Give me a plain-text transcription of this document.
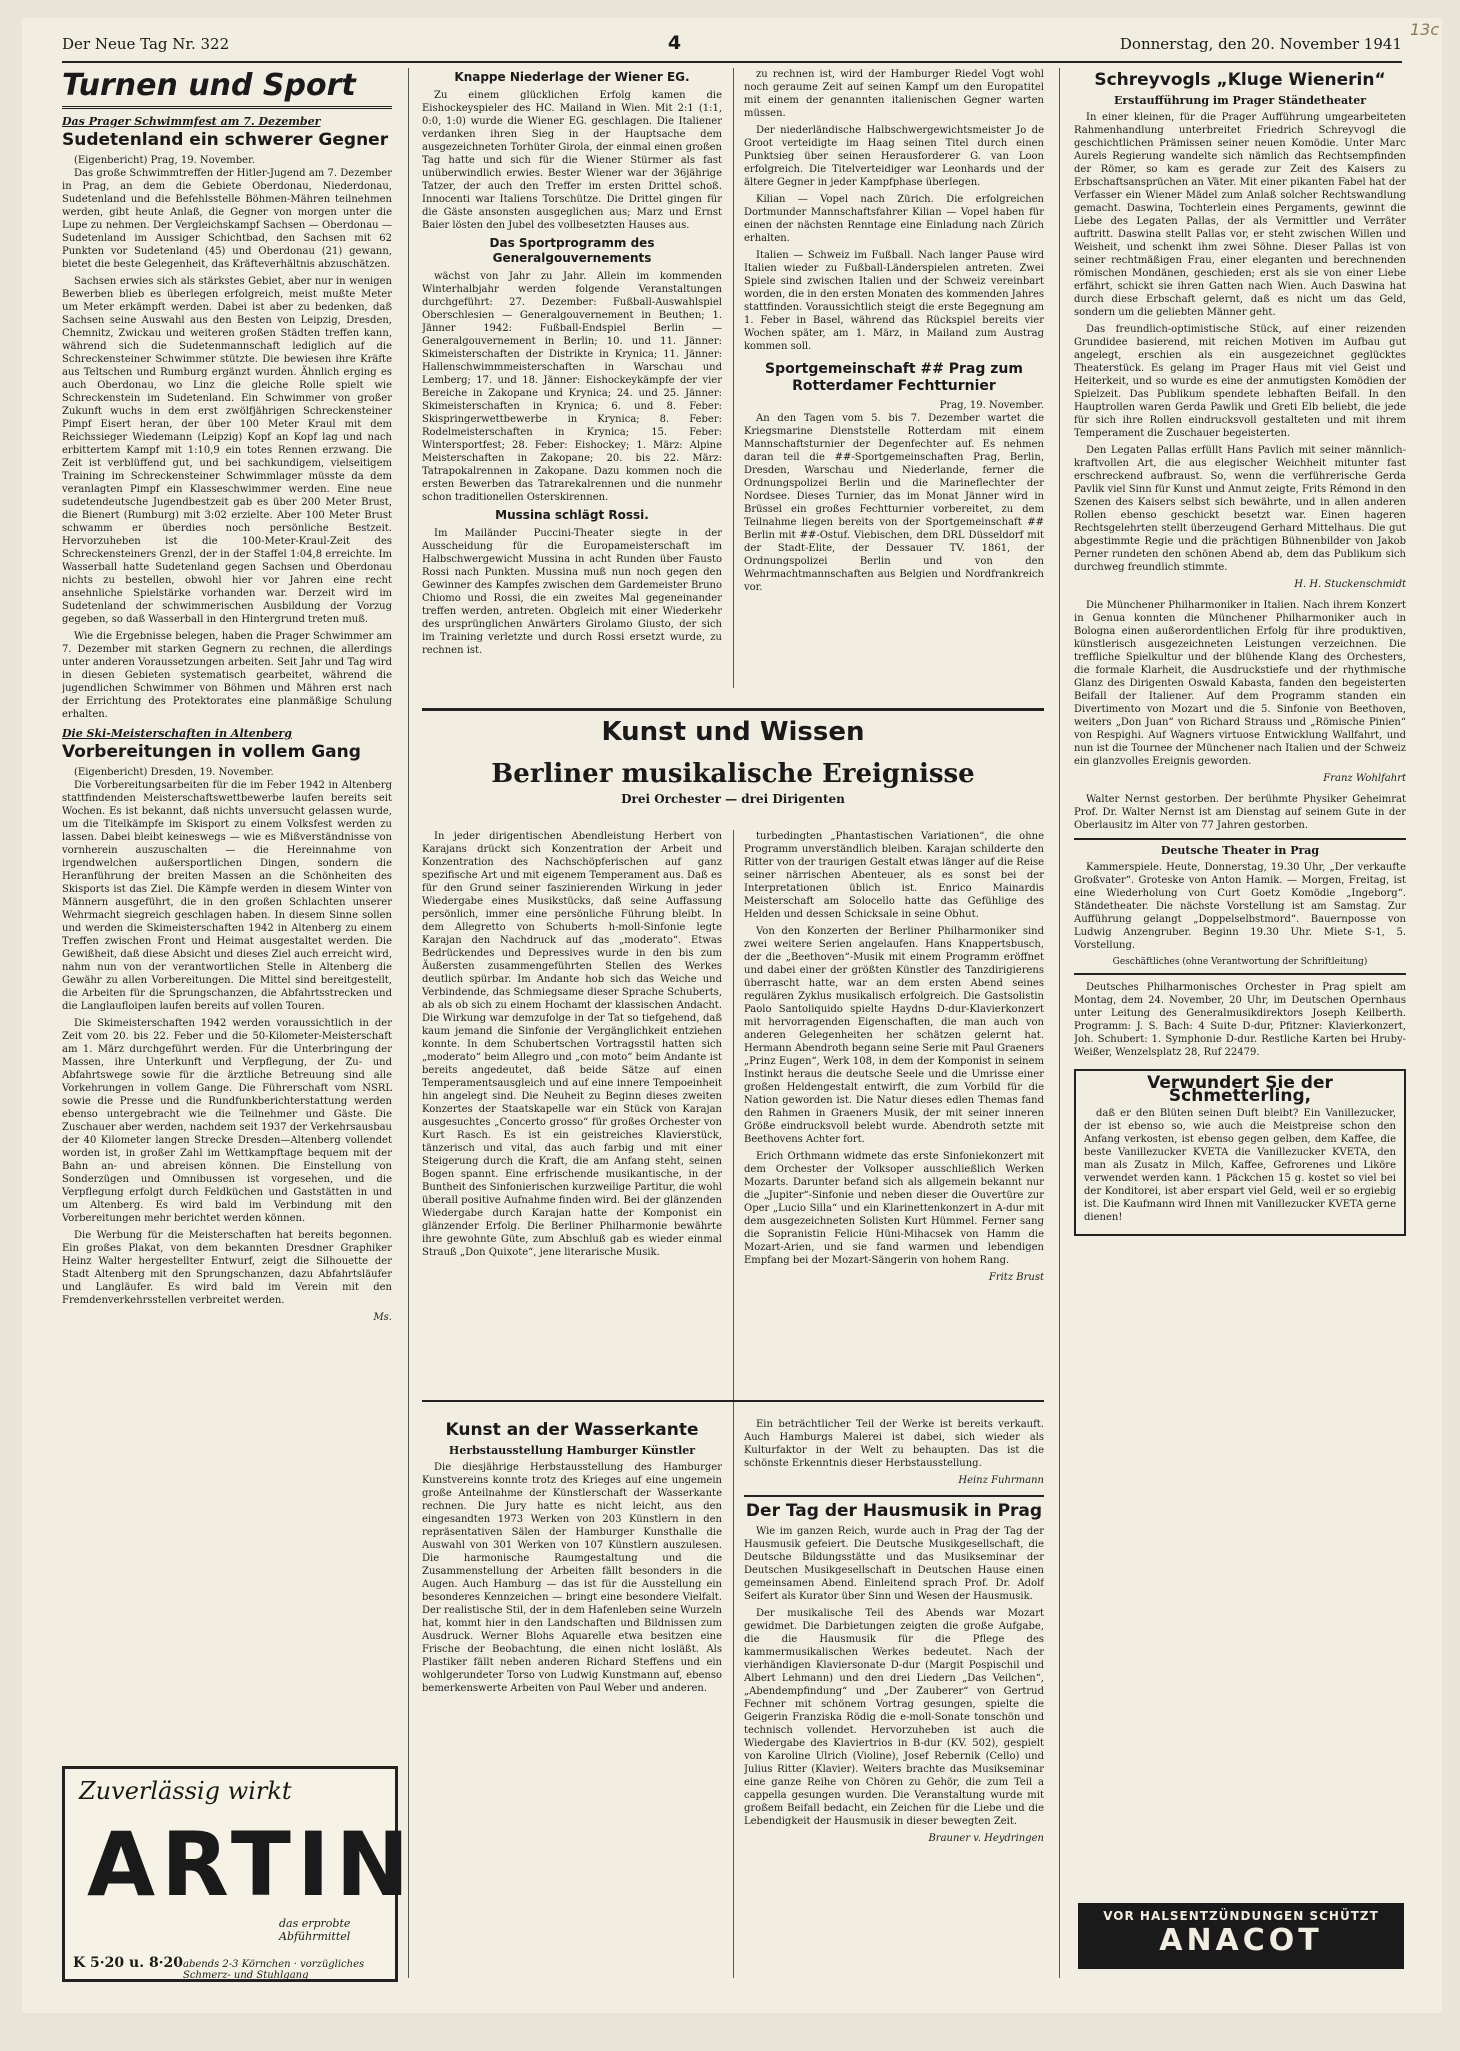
Der Neue Tag Nr. 322	4	Donnerstag, den 20. November 1941
13c
Turnen und Sport
Das Prager Schwimmfest am 7. Dezember
Sudetenland ein schwerer Gegner

(Eigenbericht) Prag, 19. November.

Das große Schwimmtreffen der Hitler-Jugend am 7. Dezember in Prag, an dem die Gebiete Oberdonau, Niederdonau, Sudetenland und die Befehlsstelle Böhmen-Mähren teilnehmen werden, gibt heute Anlaß, die Gegner von morgen unter die Lupe zu nehmen. Der Vergleichskampf Sachsen — Oberdonau — Sudetenland im Aussiger Schichtbad, den Sachsen mit 62 Punkten vor Sudetenland (45) und Oberdonau (21) gewann, bietet die beste Gelegenheit, das Kräfteverhältnis abzuschätzen.

Sachsen erwies sich als stärkstes Gebiet, aber nur in wenigen Bewerben blieb es überlegen erfolgreich, meist mußte Meter um Meter erkämpft werden. Dabei ist aber zu bedenken, daß Sachsen seine Auswahl aus den Besten von Leipzig, Dresden, Chemnitz, Zwickau und weiteren großen Städten treffen kann, während sich die Sudetenmannschaft lediglich auf die Schreckensteiner Schwimmer stützte. Die bewiesen ihre Kräfte aus Teltschen und Rumburg ergänzt wurden. Ähnlich erging es auch Oberdonau, wo Linz die gleiche Rolle spielt wie Schreckenstein im Sudetenland. Ein Schwimmer von großer Zukunft wuchs in dem erst zwölfjährigen Schreckensteiner Pimpf Eisert heran, der über 100 Meter Kraul mit dem Reichssieger Wiedemann (Leipzig) Kopf an Kopf lag und nach erbittertem Kampf mit 1:10,9 ein totes Rennen erzwang. Die Zeit ist verblüffend gut, und bei sachkundigem, vielseitigem Training im Schreckensteiner Schwimmlager müsste da dem veranlagten Pimpf ein Klasseschwimmer werden. Eine neue sudetendeutsche Jugendbestzeit gab es über 200 Meter Brust, die Bienert (Rumburg) mit 3:02 erzielte. Aber 100 Meter Brust schwamm er überdies noch persönliche Bestzeit. Hervorzuheben ist die 100-Meter-Kraul-Zeit des Schreckensteiners Grenzl, der in der Staffel 1:04,8 erreichte. Im Wasserball hatte Sudetenland gegen Sachsen und Oberdonau nichts zu bestellen, obwohl hier vor Jahren eine recht ansehnliche Spielstärke vorhanden war. Derzeit wird im Sudetenland der schwimmerischen Ausbildung der Vorzug gegeben, so daß Wasserball in den Hintergrund treten muß.

Wie die Ergebnisse belegen, haben die Prager Schwimmer am 7. Dezember mit starken Gegnern zu rechnen, die allerdings unter anderen Voraussetzungen arbeiten. Seit Jahr und Tag wird in diesen Gebieten systematisch gearbeitet, während die jugendlichen Schwimmer von Böhmen und Mähren erst nach der Errichtung des Protektorates eine planmäßige Schulung erhalten.

Die Ski-Meisterschaften in Altenberg
Vorbereitungen in vollem Gang

(Eigenbericht) Dresden, 19. November.

Die Vorbereitungsarbeiten für die im Feber 1942 in Altenberg stattfindenden Meisterschaftswettbewerbe laufen bereits seit Wochen. Es ist bekannt, daß nichts unversucht gelassen wurde, um die Titelkämpfe im Skisport zu einem Volksfest werden zu lassen. Dabei bleibt keineswegs — wie es Mißverständnisse von vornherein auszuschalten — die Hereinnahme von irgendwelchen außersportlichen Dingen, sondern die Heranführung der breiten Massen an die Schönheiten des Skisports ist das Ziel. Die Kämpfe werden in diesem Winter von Männern ausgeführt, die in den großen Schlachten unserer Wehrmacht siegreich geschlagen haben. In diesem Sinne sollen und werden die Skimeisterschaften 1942 in Altenberg zu einem Treffen zwischen Front und Heimat ausgestaltet werden. Die Gewißheit, daß diese Absicht und dieses Ziel auch erreicht wird, nahm nun von der verantwortlichen Stelle in Altenberg die Gewähr zu allen Vorbereitungen. Die Mittel sind bereitgestellt, die Arbeiten für die Sprungschanzen, die Abfahrtsstrecken und die Langlaufloipen laufen bereits auf vollen Touren.

Die Skimeisterschaften 1942 werden voraussichtlich in der Zeit vom 20. bis 22. Feber und die 50-Kilometer-Meisterschaft am 1. März durchgeführt werden. Für die Unterbringung der Massen, ihre Unterkunft und Verpflegung, der Zu- und Abfahrtswege sowie für die ärztliche Betreuung sind alle Vorkehrungen in vollem Gange. Die Führerschaft vom NSRL sowie die Presse und die Rundfunkberichterstattung werden ebenso untergebracht wie die Teilnehmer und Gäste. Die Zuschauer aber werden, nachdem seit 1937 der Verkehrsausbau der 40 Kilometer langen Strecke Dresden—Altenberg vollendet worden ist, in großer Zahl im Wettkampftage bequem mit der Bahn an- und abreisen können. Die Einstellung von Sonderzügen und Omnibussen ist vorgesehen, und die Verpflegung erfolgt durch Feldküchen und Gaststätten in und um Altenberg. Es wird bald im Verbindung mit den Vorbereitungen mehr berichtet werden können.

Die Werbung für die Meisterschaften hat bereits begonnen. Ein großes Plakat, von dem bekannten Dresdner Graphiker Heinz Walter hergestellter Entwurf, zeigt die Silhouette der Stadt Altenberg mit den Sprungschanzen, dazu Abfahrtsläufer und Langläufer. Es wird bald im Verein mit den Fremdenverkehrsstellen verbreitet werden.

Ms.
Knappe Niederlage der Wiener EG.

Zu einem glücklichen Erfolg kamen die Eishockeyspieler des HC. Mailand in Wien. Mit 2:1 (1:1, 0:0, 1:0) wurde die Wiener EG. geschlagen. Die Italiener verdanken ihren Sieg in der Hauptsache dem ausgezeichneten Torhüter Girola, der einmal einen großen Tag hatte und sich für die Wiener Stürmer als fast unüberwindlich erwies. Bester Wiener war der 36jährige Tatzer, der auch den Treffer im ersten Drittel schoß. Innocenti war Italiens Torschütze. Die Drittel gingen für die Gäste ansonsten ausgeglichen aus; Marz und Ernst Baier lösten den Jubel des vollbesetzten Hauses aus.

Das Sportprogramm des Generalgouvernements

wächst von Jahr zu Jahr. Allein im kommenden Winterhalbjahr werden folgende Veranstaltungen durchgeführt: 27. Dezember: Fußball-Auswahlspiel Oberschlesien — Generalgouvernement in Beuthen; 1. Jänner 1942: Fußball-Endspiel Berlin — Generalgouvernement in Berlin; 10. und 11. Jänner: Skimeisterschaften der Distrikte in Krynica; 11. Jänner: Hallenschwimmmeisterschaften in Warschau und Lemberg; 17. und 18. Jänner: Eishockeykämpfe der vier Bereiche in Zakopane und Krynica; 24. und 25. Jänner: Skimeisterschaften in Krynica; 6. und 8. Feber: Skispringerwettbewerbe in Krynica; 8. Feber: Rodelmeisterschaften in Krynica; 15. Feber: Wintersportfest; 28. Feber: Eishockey; 1. März: Alpine Meisterschaften in Zakopane; 20. bis 22. März: Tatrapokalrennen in Zakopane. Dazu kommen noch die ersten Bewerben das Tatrarekalrennen und die nunmehr schon traditionellen Osterskirennen.

Mussina schlägt Rossi.

Im Mailänder Puccini-Theater siegte in der Ausscheidung für die Europameisterschaft im Halbschwergewicht Mussina in acht Runden über Fausto Rossi nach Punkten. Mussina muß nun noch gegen den Gewinner des Kampfes zwischen dem Gardemeister Bruno Chiomo und Rossi, die ein zweites Mal gegeneinander treffen werden, antreten. Obgleich mit einer Wiederkehr des ursprünglichen Anwärters Girolamo Giusto, der sich im Training verletzte und durch Rossi ersetzt wurde, zu rechnen ist.

zu rechnen ist, wird der Hamburger Riedel Vogt wohl noch geraume Zeit auf seinen Kampf um den Europatitel mit einem der genannten italienischen Gegner warten müssen.

Der niederländische Halbschwergewichtsmeister Jo de Groot verteidigte im Haag seinen Titel durch einen Punktsieg über seinen Herausforderer G. van Loon erfolgreich. Die Titelverteidiger war Leonhards und der ältere Gegner in jeder Kampfphase überlegen.

Kilian — Vopel nach Zürich. Die erfolgreichen Dortmunder Mannschaftsfahrer Kilian — Vopel haben für einen der nächsten Renntage eine Einladung nach Zürich erhalten.

Italien — Schweiz im Fußball. Nach langer Pause wird Italien wieder zu Fußball-Länderspielen antreten. Zwei Spiele sind zwischen Italien und der Schweiz vereinbart worden, die in den ersten Monaten des kommenden Jahres stattfinden. Voraussichtlich steigt die erste Begegnung am 1. Feber in Basel, während das Rückspiel bereits vier Wochen später, am 1. März, in Mailand zum Austrag kommen soll.

Sportgemeinschaft ## Prag zum Rotterdamer Fechtturnier

Prag, 19. November.

An den Tagen vom 5. bis 7. Dezember wartet die Kriegsmarine Dienststelle Rotterdam mit einem Mannschaftsturnier der Degenfechter auf. Es nehmen daran teil die ##-Sportgemeinschaften Prag, Berlin, Dresden, Warschau und Niederlande, ferner die Ordnungspolizei Berlin und die Marineflechter der Nordsee. Dieses Turnier, das im Monat Jänner wird in Brüssel ein großes Fechtturnier vorbereitet, zu dem Teilnahme liegen bereits von der Sportgemeinschaft ## Berlin mit ##-Ostuf. Viebischen, dem DRL Düsseldorf mit der Stadt-Elite, der Dessauer TV. 1861, der Ordnungspolizei Berlin und von den Wehrmachtmannschaften aus Belgien und Nordfrankreich vor.

Kunst und Wissen
Berliner musikalische Ereignisse
Drei Orchester — drei Dirigenten

In jeder dirigentischen Abendleistung Herbert von Karajans drückt sich Konzentration der Arbeit und Konzentration des Nachschöpferischen auf ganz spezifische Art und mit eigenem Temperament aus. Daß es für den Grund seiner faszinierenden Wirkung in jeder Wiedergabe eines Musikstücks, daß seine Auffassung persönlich, immer eine persönliche Führung bleibt. In dem Allegretto von Schuberts h-moll-Sinfonie legte Karajan den Nachdruck auf das „moderato“. Etwas Bedrückendes und Depressives wurde in den bis zum Äußersten zusammengeführten Stellen des Werkes deutlich spürbar. Im Andante hob sich das Weiche und Verbindende, das Schmiegsame dieser Sprache Schuberts, ab als ob sich zu einem Hochamt der klassischen Andacht. Die Wirkung war demzufolge in der Tat so tiefgehend, daß kaum jemand die Sinfonie der Vergänglichkeit entziehen konnte. In dem Schubertschen Vortragsstil hatten sich „moderato“ beim Allegro und „con moto“ beim Andante ist bereits angedeutet, daß beide Sätze auf einen Temperamentsausgleich und auf eine innere Tempoeinheit hin angelegt sind. Die Neuheit zu Beginn dieses zweiten Konzertes der Staatskapelle war ein Stück von Karajan ausgesuchtes „Concerto grosso“ für großes Orchester von Kurt Rasch. Es ist ein geistreiches Klavierstück, tänzerisch und vital, das auch farbig und mit einer Steigerung durch die Kraft, die am Anfang steht, seinen Bogen spannt. Eine erfrischende musikantische, in der Buntheit des Sinfonierischen kurzweilige Partitur, die wohl überall positive Aufnahme finden wird. Bei der glänzenden Wiedergabe durch Karajan hatte der Komponist ein glänzender Erfolg. Die Berliner Philharmonie bewährte ihre gewohnte Güte, zum Abschluß gab es wieder einmal Strauß „Don Quixote“, jene literarische Musik.

turbedingten „Phantastischen Variationen“, die ohne Programm unverständlich bleiben. Karajan schilderte den Ritter von der traurigen Gestalt etwas länger auf die Reise seiner närrischen Abenteuer, als es sonst bei der Interpretationen üblich ist. Enrico Mainardis Meisterschaft am Solocello hatte das Gefühlige des Helden und dessen Schicksale in seine Obhut.

Von den Konzerten der Berliner Philharmoniker sind zwei weitere Serien angelaufen. Hans Knappertsbusch, der die „Beethoven“-Musik mit einem Programm eröffnet und dabei einer der größten Künstler des Tanzdirigierens überrascht hatte, war an dem ersten Abend seines regulären Zyklus musikalisch erfolgreich. Die Gastsolistin Paolo Santoliquido spielte Haydns D-dur-Klavierkonzert mit hervorragenden Eigenschaften, die man auch von anderen Gelegenheiten her schätzen gelernt hat. Hermann Abendroth begann seine Serie mit Paul Graeners „Prinz Eugen“, Werk 108, in dem der Komponist in seinem Instinkt heraus die deutsche Seele und die Umrisse einer großen Heldengestalt entwirft, die zum Vorbild für die Nation geworden ist. Die Natur dieses edlen Themas fand den Rahmen in Graeners Musik, der mit seiner inneren Größe eindrucksvoll belebt wurde. Abendroth setzte mit Beethovens Achter fort.

Erich Orthmann widmete das erste Sinfoniekonzert mit dem Orchester der Volksoper ausschließlich Werken Mozarts. Darunter befand sich als allgemein bekannt nur die „Jupiter“-Sinfonie und neben dieser die Ouvertüre zur Oper „Lucio Silla“ und ein Klarinettenkonzert in A-dur mit dem ausgezeichneten Solisten Kurt Hümmel. Ferner sang die Sopranistin Felicie Hüni-Mihacsek von Hamm die Mozart-Arien, und sie fand warmen und lebendigen Empfang bei der Mozart-Sängerin von hohem Rang.

Fritz Brust
Kunst an der Wasserkante
Herbstausstellung Hamburger Künstler

Die diesjährige Herbstausstellung des Hamburger Kunstvereins konnte trotz des Krieges auf eine ungemein große Anteilnahme der Künstlerschaft der Wasserkante rechnen. Die Jury hatte es nicht leicht, aus den eingesandten 1973 Werken von 203 Künstlern in den repräsentativen Sälen der Hamburger Kunsthalle die Auswahl von 301 Werken von 107 Künstlern auszulesen. Die harmonische Raumgestaltung und die Zusammenstellung der Arbeiten fällt besonders in die Augen. Auch Hamburg — das ist für die Ausstellung ein besonderes Kennzeichen — bringt eine besondere Vielfalt. Der realistische Stil, der in dem Hafenleben seine Wurzeln hat, kommt hier in den Landschaften und Bildnissen zum Ausdruck. Werner Blohs Aquarelle etwa besitzen eine Frische der Beobachtung, die einen nicht losläßt. Als Plastiker fällt neben anderen Richard Steffens und ein wohlgerundeter Torso von Ludwig Kunstmann auf, ebenso bemerkenswerte Arbeiten von Paul Weber und anderen.

Ein beträchtlicher Teil der Werke ist bereits verkauft. Auch Hamburgs Malerei ist dabei, sich wieder als Kulturfaktor in der Welt zu behaupten. Das ist die schönste Erkenntnis dieser Herbstausstellung.

Heinz Fuhrmann
Der Tag der Hausmusik in Prag

Wie im ganzen Reich, wurde auch in Prag der Tag der Hausmusik gefeiert. Die Deutsche Musikgesellschaft, die Deutsche Bildungsstätte und das Musikseminar der Deutschen Musikgesellschaft in Deutschen Hause einen gemeinsamen Abend. Einleitend sprach Prof. Dr. Adolf Seifert als Kurator über Sinn und Wesen der Hausmusik.

Der musikalische Teil des Abends war Mozart gewidmet. Die Darbietungen zeigten die große Aufgabe, die die Hausmusik für die Pflege des kammermusikalischen Werkes bedeutet. Nach der vierhändigen Klaviersonate D-dur (Margit Pospischil und Albert Lehmann) und den drei Liedern „Das Veilchen“, „Abendempfindung“ und „Der Zauberer“ von Gertrud Fechner mit schönem Vortrag gesungen, spielte die Geigerin Franziska Rödig die e-moll-Sonate tonschön und technisch vollendet. Hervorzuheben ist auch die Wiedergabe des Klaviertrios in B-dur (KV. 502), gespielt von Karoline Ulrich (Violine), Josef Rebernik (Cello) und Julius Ritter (Klavier). Weiters brachte das Musikseminar eine ganze Reihe von Chören zu Gehör, die zum Teil a cappella gesungen wurden. Die Veranstaltung wurde mit großem Beifall bedacht, ein Zeichen für die Liebe und die Lebendigkeit der Hausmusik in dieser bewegten Zeit.

Brauner v. Heydringen
Schreyvogls „Kluge Wienerin“
Erstaufführung im Prager Ständetheater

In einer kleinen, für die Prager Aufführung umgearbeiteten Rahmenhandlung unterbreitet Friedrich Schreyvogl die geschichtlichen Prämissen seiner neuen Komödie. Unter Marc Aurels Regierung wandelte sich nämlich das Rechtsempfinden der Römer, so kam es gerade zur Zeit des Kaisers zu Erbschaftsansprüchen an Väter. Mit einer pikanten Fabel hat der Verfasser ein Wiener Mädel zum Anlaß solcher Rechtswandlung gemacht. Daswina, Tochterlein eines Pergaments, gewinnt die Liebe des Legaten Pallas, der als Vermittler und Verräter auftritt. Daswina stellt Pallas vor, er steht zwischen Willen und Weisheit, und schenkt ihm zwei Söhne. Dieser Pallas ist von seiner rechtmäßigen Frau, einer eleganten und berechnenden römischen Mondänen, geschieden; erst als sie von einer Liebe erfährt, schickt sie ihren Gatten nach Wien. Auch Daswina hat durch diese Erbschaft gelernt, daß es nicht um das Geld, sondern um die geliebten Männer geht.

Das freundlich-optimistische Stück, auf einer reizenden Grundidee basierend, mit reichen Motiven im Aufbau gut angelegt, erschien als ein ausgezeichnet geglücktes Theaterstück. Es gelang im Prager Haus mit viel Geist und Heiterkeit, und so wurde es eine der anmutigsten Komödien der Spielzeit. Das Publikum spendete lebhaften Beifall. In den Hauptrollen waren Gerda Pawlik und Greti Elb beliebt, die jede für sich ihre Rollen eindrucksvoll gestalteten und mit ihrem Temperament die Zuschauer begeisterten.

Den Legaten Pallas erfüllt Hans Pavlich mit seiner männlich-kraftvollen Art, die aus elegischer Weichheit mitunter fast erschreckend aufbraust. So, wenn die verführerische Gerda Pavlik viel Sinn für Kunst und Anmut zeigte, Frits Rémond in den Szenen des Kaisers selbst sich bewährte, und in allen anderen Rollen ebenso geschickt besetzt war. Einen hageren Rechtsgelehrten stellt überzeugend Gerhard Mittelhaus. Die gut abgestimmte Regie und die prächtigen Bühnenbilder von Jakob Perner rundeten den schönen Abend ab, dem das Publikum sich durchweg freundlich stimmte.

H. H. Stuckenschmidt

Die Münchener Philharmoniker in Italien. Nach ihrem Konzert in Genua konnten die Münchener Philharmoniker auch in Bologna einen außerordentlichen Erfolg für ihre produktiven, künstlerisch ausgezeichneten Leistungen verzeichnen. Die treffliche Spielkultur und der blühende Klang des Orchesters, die formale Klarheit, die Ausdruckstiefe und der rhythmische Glanz des Dirigenten Oswald Kabasta, fanden den begeisterten Beifall der Italiener. Auf dem Programm standen ein Divertimento von Mozart und die 5. Sinfonie von Beethoven, weiters „Don Juan“ von Richard Strauss und „Römische Pinien“ von Respighi. Auf Wagners virtuose Entwicklung Wallfahrt, und nun ist die Tournee der Münchener nach Italien und der Schweiz ein glanzvolles Ereignis geworden.

Franz Wohlfahrt

Walter Nernst gestorben. Der berühmte Physiker Geheimrat Prof. Dr. Walter Nernst ist am Dienstag auf seinem Gute in der Oberlausitz im Alter von 77 Jahren gestorben.

Deutsche Theater in Prag

Kammerspiele. Heute, Donnerstag, 19.30 Uhr, „Der verkaufte Großvater“. Groteske von Anton Hamik. — Morgen, Freitag, ist eine Wiederholung von Curt Goetz Komödie „Ingeborg“. Ständetheater. Die nächste Vorstellung ist am Samstag. Zur Aufführung gelangt „Doppelselbstmord“. Bauernposse von Ludwig Anzengruber. Beginn 19.30 Uhr. Miete S-1, 5. Vorstellung.

Geschäftliches (ohne Verantwortung der Schriftleitung)

Deutsches Philharmonisches Orchester in Prag spielt am Montag, dem 24. November, 20 Uhr, im Deutschen Opernhaus unter Leitung des Generalmusikdirektors Joseph Keilberth. Programm: J. S. Bach: 4 Suite D-dur, Pfitzner: Klavierkonzert, Joh. Schubert: 1. Symphonie D-dur. Restliche Karten bei Hruby-Weißer, Wenzelsplatz 28, Ruf 22479.

Verwundert Sie der Schmetterling,

daß er den Blüten seinen Duft bleibt? Ein Vanillezucker, der ist ebenso so, wie auch die Meistpreise schon den Anfang verkosten, ist ebenso gegen gelben, dem Kaffee, die beste Vanillezucker KVETA die Vanillezucker KVETA, den man als Zusatz in Milch, Kaffee, Gefrorenes und Liköre verwendet werden kann. 1 Päckchen 15 g. kostet so viel bei der Konditorei, ist aber erspart viel Geld, weil er so ergiebig ist. Die Kaufmann wird Ihnen mit Vanillezucker KVETA gerne dienen!

Zuverlässig wirkt
ARTIN
das erprobte Abführmittel
K 5·20 u. 8·20 abends 2-3 Körnchen · vorzügliches Schmerz- und Stuhlgang
VOR HALSENTZÜNDUNGEN SCHÜTZT
ANACOT
